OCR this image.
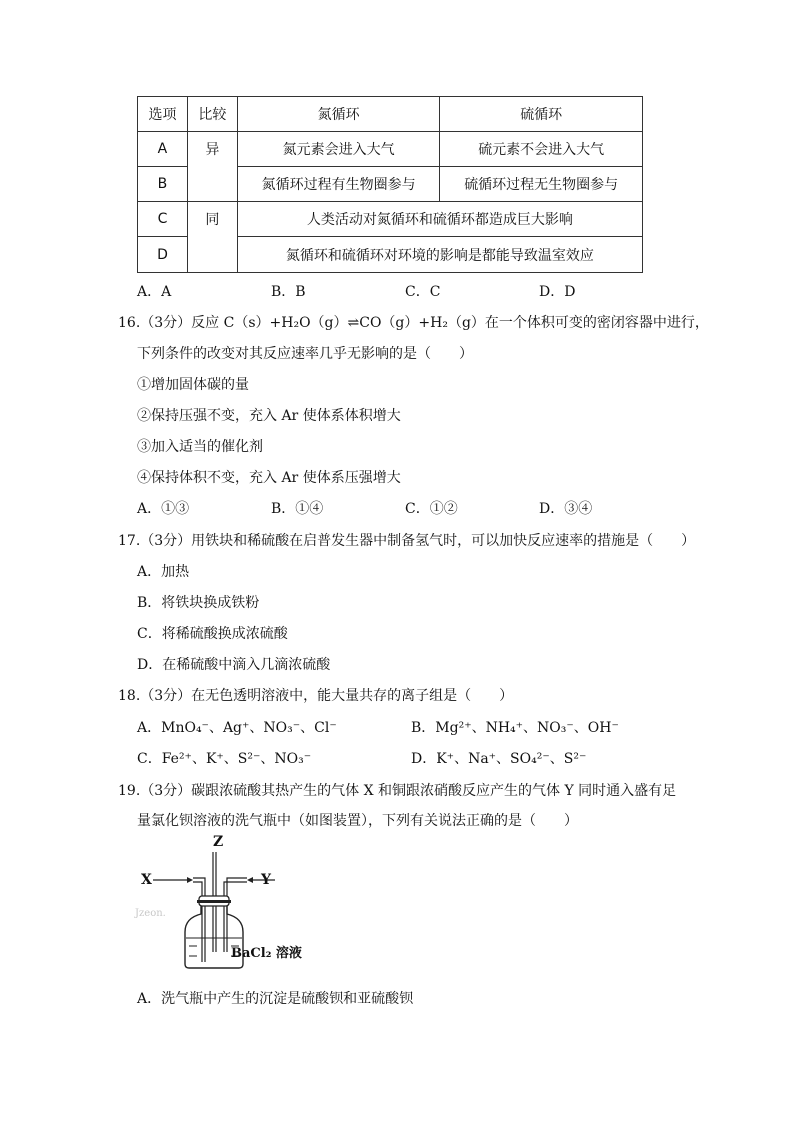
选项	比较	氮循环	硫循环
A	异	氮元素会进入大气	硫元素不会进入大气
B		氮循环过程有生物圈参与	硫循环过程无生物圈参与
C	同	人类活动对氮循环和硫循环都造成巨大影响	
D		氮循环和硫循环对环境的影响是都能导致温室效应	
A．A	B．B	C．C	D．D
16.（3分）反应 C（s）+H₂O（g）⇌CO（g）+H₂（g）在一个体积可变的密闭容器中进行，
下列条件的改变对其反应速率几乎无影响的是（　　）
①增加固体碳的量
②保持压强不变，充入 Ar 使体系体积增大
③加入适当的催化剂
④保持体积不变，充入 Ar 使体系压强增大
A．①③	B．①④	C．①②	D．③④
17.（3分）用铁块和稀硫酸在启普发生器中制备氢气时，可以加快反应速率的措施是（　　）
A．加热
B．将铁块换成铁粉
C．将稀硫酸换成浓硫酸
D．在稀硫酸中滴入几滴浓硫酸
18.（3分）在无色透明溶液中，能大量共存的离子组是（　　）
A．MnO₄⁻、Ag⁺、NO₃⁻、Cl⁻	B．Mg²⁺、NH₄⁺、NO₃⁻、OH⁻
C．Fe²⁺、K⁺、S²⁻、NO₃⁻	D．K⁺、Na⁺、SO₄²⁻、S²⁻
19.（3分）碳跟浓硫酸其热产生的气体 X 和铜跟浓硝酸反应产生的气体 Y 同时通入盛有足
量氯化钡溶液的洗气瓶中（如图装置），下列有关说法正确的是（　　）
X	Y
Z
Jzeon.
BaCl₂ 溶液
A．洗气瓶中产生的沉淀是硫酸钡和亚硫酸钡
